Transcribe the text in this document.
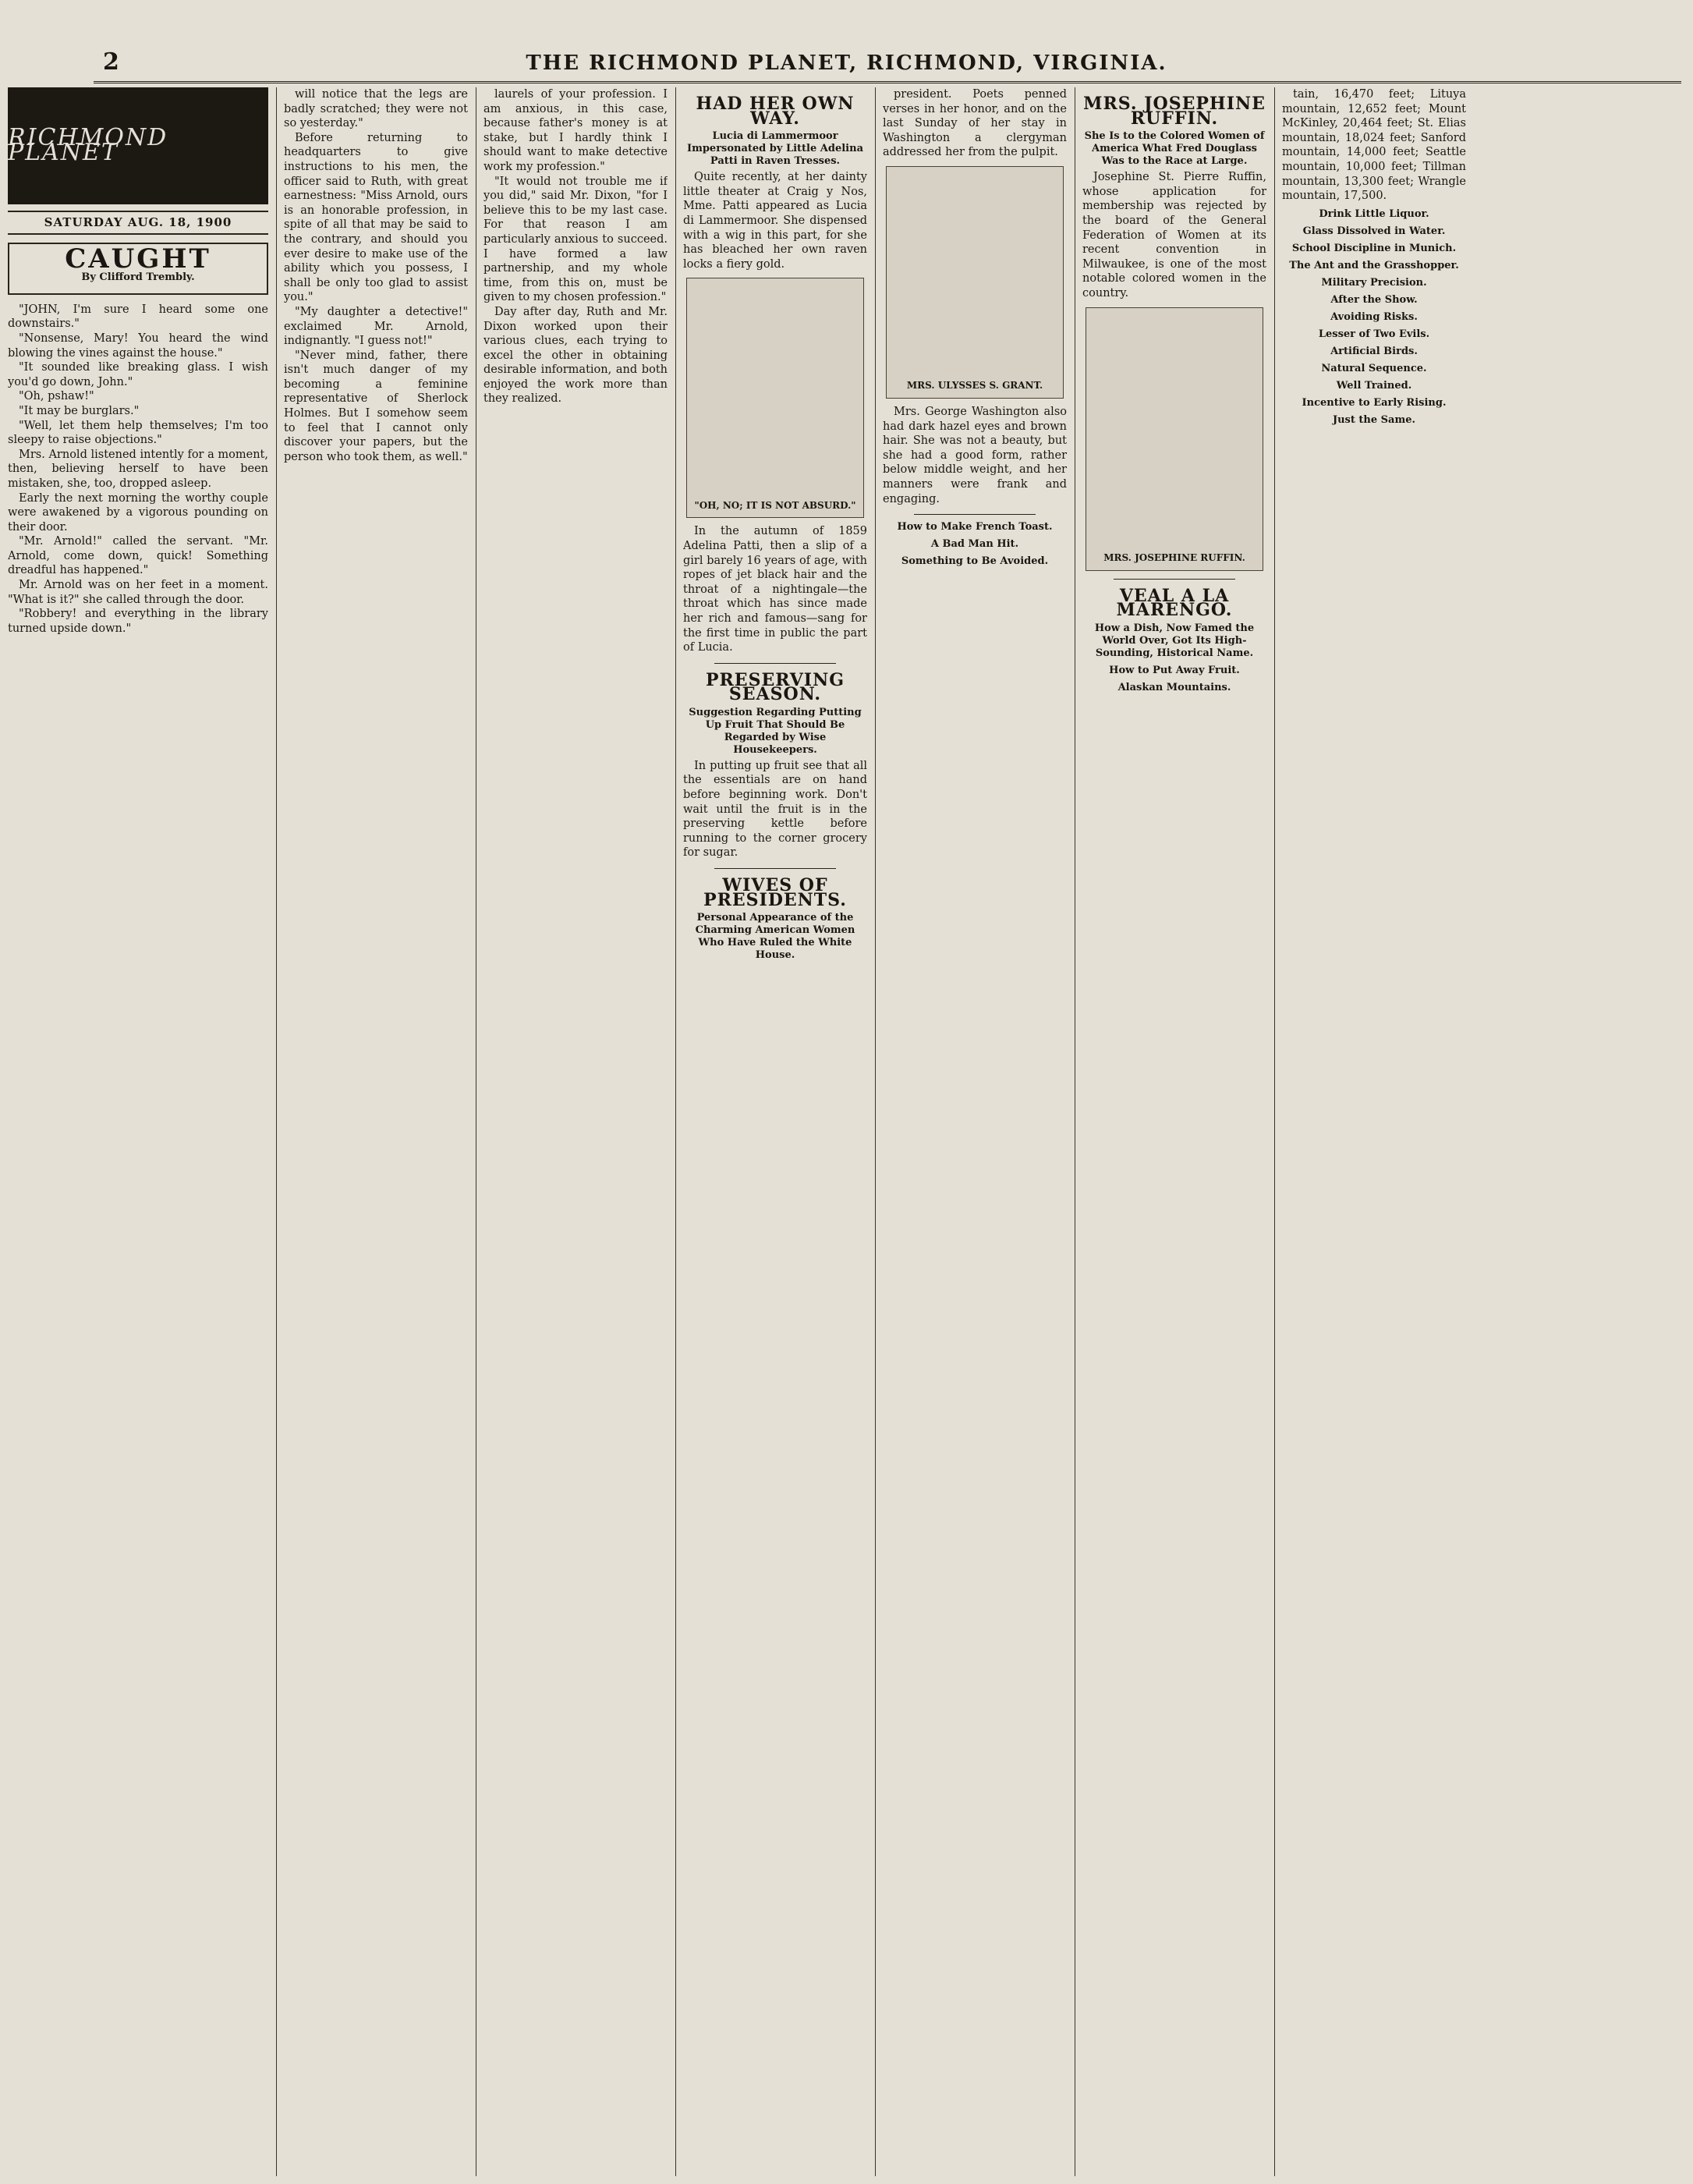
2	THE RICHMOND PLANET, RICHMOND, VIRGINIA.
RICHMOND PLANET
SATURDAY AUG. 18, 1900
CAUGHT
By Clifford Trembly.

"JOHN, I'm sure I heard some one downstairs."

"Nonsense, Mary! You heard the wind blowing the vines against the house."

"It sounded like breaking glass. I wish you'd go down, John."

"Oh, pshaw!"

"It may be burglars."

"Well, let them help themselves; I'm too sleepy to raise objections."

Mrs. Arnold listened intently for a moment, then, believing herself to have been mistaken, she, too, dropped asleep.

Early the next morning the worthy couple were awakened by a vigorous pounding on their door.

"Mr. Arnold!" called the servant. "Mr. Arnold, come down, quick! Something dreadful has happened."

Mr. Arnold was on her feet in a moment. "What is it?" she called through the door.

"Robbery! and everything in the library turned upside down."

will notice that the legs are badly scratched; they were not so yesterday."

Before returning to headquarters to give instructions to his men, the officer said to Ruth, with great earnestness: "Miss Arnold, ours is an honorable profession, in spite of all that may be said to the contrary, and should you ever desire to make use of the ability which you possess, I shall be only too glad to assist you."

"My daughter a detective!" exclaimed Mr. Arnold, indignantly. "I guess not!"

"Never mind, father, there isn't much danger of my becoming a feminine representative of Sherlock Holmes. But I somehow seem to feel that I cannot only discover your papers, but the person who took them, as well."

laurels of your profession. I am anxious, in this case, because father's money is at stake, but I hardly think I should want to make detective work my profession."

"It would not trouble me if you did," said Mr. Dixon, "for I believe this to be my last case. For that reason I am particularly anxious to succeed. I have formed a law partnership, and my whole time, from this on, must be given to my chosen profession."

Day after day, Ruth and Mr. Dixon worked upon their various clues, each trying to excel the other in obtaining desirable information, and both enjoyed the work more than they realized.

HAD HER OWN WAY.
Lucia di Lammermoor Impersonated by Little Adelina Patti in Raven Tresses.

Quite recently, at her dainty little theater at Craig y Nos, Mme. Patti appeared as Lucia di Lammermoor. She dispensed with a wig in this part, for she has bleached her own raven locks a fiery gold.

"OH, NO; IT IS NOT ABSURD."

In the autumn of 1859 Adelina Patti, then a slip of a girl barely 16 years of age, with ropes of jet black hair and the throat of a nightingale—the throat which has since made her rich and famous—sang for the first time in public the part of Lucia.

PRESERVING SEASON.
Suggestion Regarding Putting Up Fruit That Should Be Regarded by Wise Housekeepers.

In putting up fruit see that all the essentials are on hand before beginning work. Don't wait until the fruit is in the preserving kettle before running to the corner grocery for sugar.

WIVES OF PRESIDENTS.
Personal Appearance of the Charming American Women Who Have Ruled the White House.

president. Poets penned verses in her honor, and on the last Sunday of her stay in Washington a clergyman addressed her from the pulpit.

MRS. ULYSSES S. GRANT.

Mrs. George Washington also had dark hazel eyes and brown hair. She was not a beauty, but she had a good form, rather below middle weight, and her manners were frank and engaging.

How to Make French Toast.
A Bad Man Hit.
Something to Be Avoided.
MRS. JOSEPHINE RUFFIN.
She Is to the Colored Women of America What Fred Douglass Was to the Race at Large.

Josephine St. Pierre Ruffin, whose application for membership was rejected by the board of the General Federation of Women at its recent convention in Milwaukee, is one of the most notable colored women in the country.

MRS. JOSEPHINE RUFFIN.
VEAL A LA MARENGO.
How a Dish, Now Famed the World Over, Got Its High-Sounding, Historical Name.
How to Put Away Fruit.
Alaskan Mountains.

tain, 16,470 feet; Lituya mountain, 12,652 feet; Mount McKinley, 20,464 feet; St. Elias mountain, 18,024 feet; Sanford mountain, 14,000 feet; Seattle mountain, 10,000 feet; Tillman mountain, 13,300 feet; Wrangle mountain, 17,500.

Drink Little Liquor.
Glass Dissolved in Water.
School Discipline in Munich.
The Ant and the Grasshopper.
Military Precision.
After the Show.
Avoiding Risks.
Lesser of Two Evils.
Artificial Birds.
Natural Sequence.
Well Trained.
Incentive to Early Rising.
Just the Same.
